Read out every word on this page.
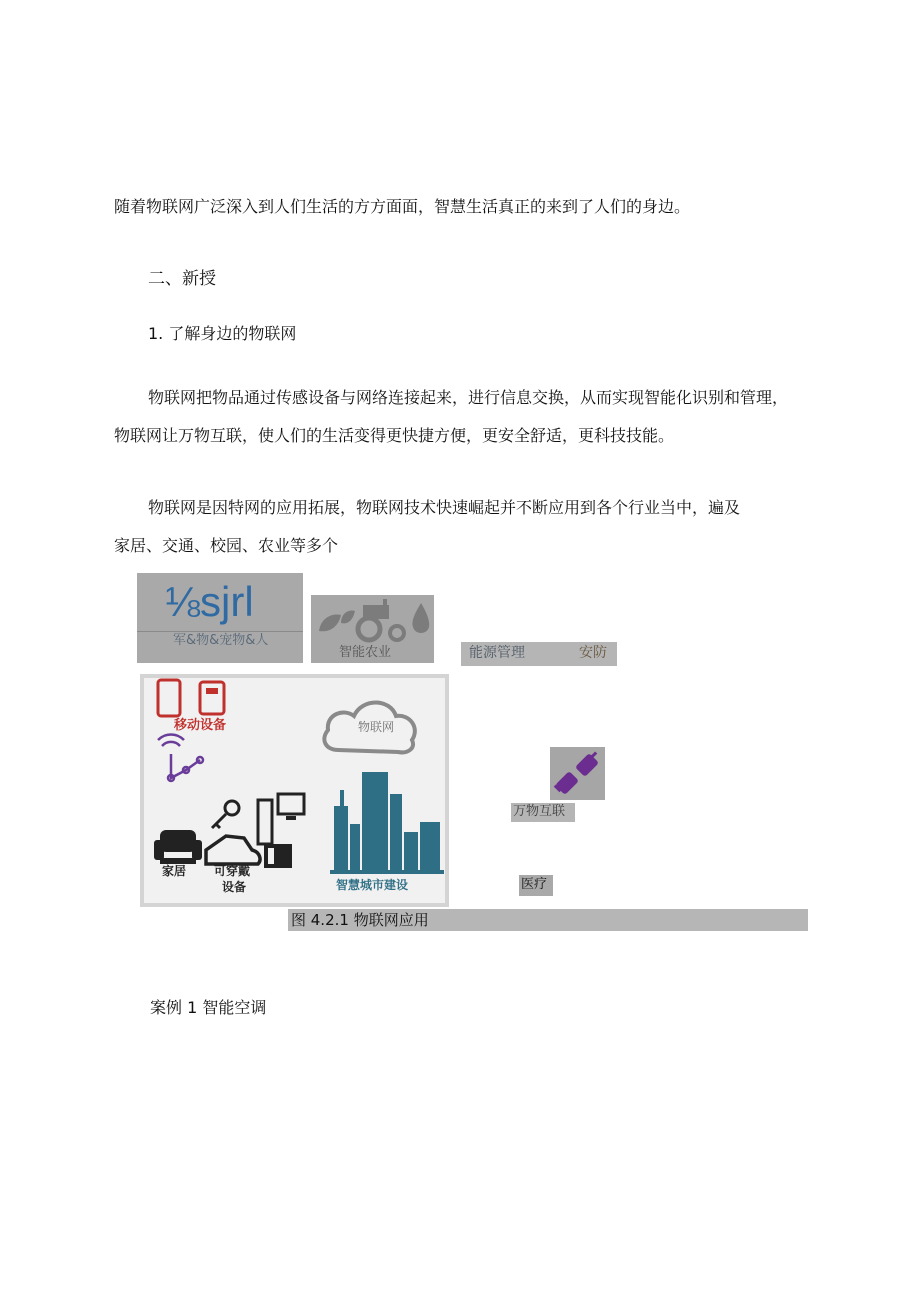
随着物联网广泛深入到人们生活的方方面面，智慧生活真正的来到了人们的身边。
二、新授
1. 了解身边的物联网
物联网把物品通过传感设备与网络连接起来，进行信息交换，从而实现智能化识别和管理，
物联网让万物互联，使人们的生活变得更快捷方便，更安全舒适，更科技技能。
物联网是因特网的应用拓展，物联网技术快速崛起并不断应用到各个行业当中，遍及
家居、交通、校园、农业等多个
⅛sjrl
军&物&宠物&人
智能农业	能源管理	安防
移动设备	物联网
家居 可穿戴
设备	智慧城市建设
万物互联
医疗
图 4.2.1 物联网应用
案例 1 智能空调
